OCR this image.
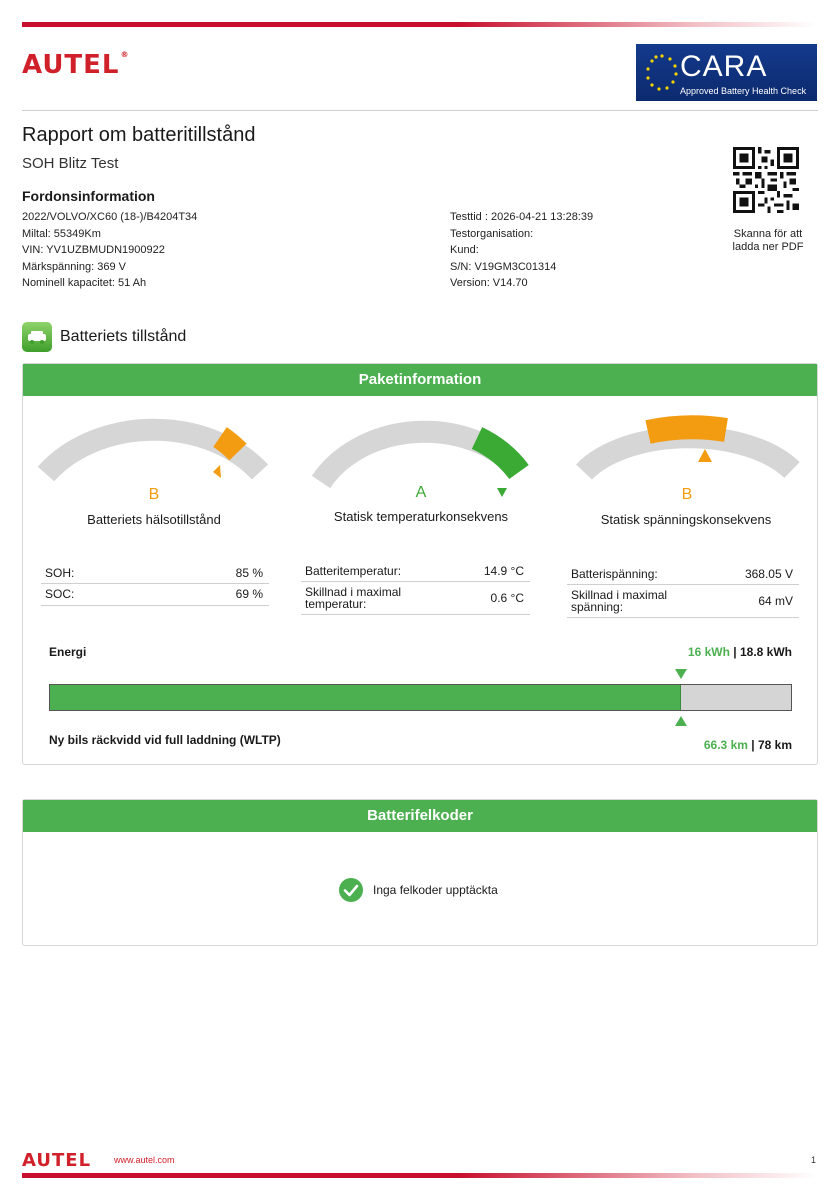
AUTEL®	CARA
Approved Battery Health Check
Rapport om batteritillstånd
SOH Blitz Test
Fordonsinformation
2022/VOLVO/XC60 (18-)/B4204T34
Miltal: 55349Km
VIN: YV1UZBMUDN1900922
Märkspänning: 369 V
Nominell kapacitet: 51 Ah
Testtid : 2026-04-21 13:28:39
Testorganisation:
Kund:
S/N: V19GM3C01314
Version: V14.70
Skanna för att ladda ner PDF
Batteriets tillstånd
Paketinformation
B
Batteriets hälsotillstånd
A
Statisk temperaturkonsekvens
B
Statisk spänningskonsekvens
SOH:	85 %
SOC:	69 %
Batteritemperatur:	14.9 °C
Skillnad i maximal temperatur:	0.6 °C
Batterispänning:	368.05 V
Skillnad i maximal spänning:	64 mV
Energi	16 kWh | 18.8 kWh
Ny bils räckvidd vid full laddning (WLTP)	66.3 km | 78 km
Batterifelkoder
Inga felkoder upptäckta
AUTEL	www.autel.com	1
